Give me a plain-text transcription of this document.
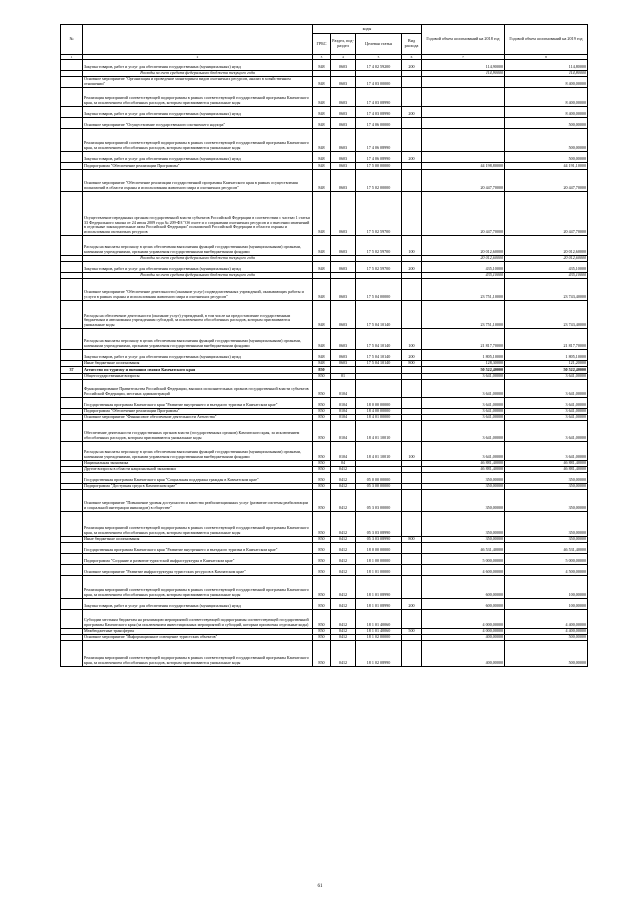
№		коды				Годовой объем ассигнований на 2018 год	Годовой объем ассигнований на 2019 год
		ГРБС	Раздел, под-раздел	Целевая статья	Вид расхода		
1	2	3	4	5	6	7	8
	Закупка товаров, работ и услуг для обеспечения государственных (муниципальных) нужд	848	0603	17 4 02 59200	200	114,90000	114,80000
	Расходы за счет средств федерального бюджета текущего года					114,90000	114,80000
	Основное мероприятие "Организация и проведение мониторинга видов охотничьих ресурсов, анализ в хозяйственном отношении"	848	0603	17 4 03 00000			8 400,00000
	Реализация мероприятий соответствующей подпрограммы в рамках соответствующей государственной программы Камчатского края, за исключением обособленных расходов, которым присваиваются уникальные коды	848	0603	17 4 03 08990			8 400,00000
	Закупка товаров, работ и услуг для обеспечения государственных (муниципальных) нужд	848	0603	17 4 03 08990	200		8 400,00000
	Основное мероприятие "Осуществление государственного охотничьего надзора"	848	0603	17 4 06 00000			500,00000
	Реализация мероприятий соответствующей подпрограммы в рамках соответствующей государственной программы Камчатского края, за исключением обособленных расходов, которым присваиваются уникальные коды	848	0603	17 4 06 08990			500,00000
	Закупка товаров, работ и услуг для обеспечения государственных (муниципальных) нужд	848	0603	17 4 06 08990	200		500,00000
	Подпрограмма "Обеспечение реализации Программы"	848	0603	17 5 00 00000		44 198,80000	44 191,10000
	Основное мероприятие "Обеспечение реализации государственной программы Камчатского края в рамках осуществления полномочий в области охраны и использования животного мира и охотничьих ресурсов"	848	0603	17 5 02 00000		20 447,70000	20 447,70000
	Осуществление переданных органам государственной власти субъектов Российской Федерации в соответствии с частью 1 статьи 33 Федерального закона от 24 июля 2009 года № 209-ФЗ "Об охоте и о сохранении охотничьих ресурсов и о внесении изменений в отдельные законодательные акты Российской Федерации" полномочий Российской Федерации в области охраны и использования охотничьих ресурсов	848	0603	17 5 02 59700		20 447,70000	20 447,70000
	Расходы на выплаты персоналу в целях обеспечения выполнения функций государственными (муниципальными) органами, казенными учреждениями, органами управления государственными внебюджетными фондами	848	0603	17 5 02 59700	100	20 012,60000	20 012,60000
	Расходы за счет средств федерального бюджета текущего года					20 012,60000	20 012,60000
	Закупка товаров, работ и услуг для обеспечения государственных (муниципальных) нужд	848	0603	17 5 02 59700	200	435,10000	435,10000
	Расходы за счет средств федерального бюджета текущего года					435,10000	435,10000
	Основное мероприятие "Обеспечение деятельности (оказание услуг) подведомственных учреждений, оказывающих работы и услуги в рамках охраны и использования животного мира и охотничьих ресурсов"	848	0603	17 5 04 00000		23 751,10000	23 743,40000
	Расходы на обеспечение деятельности (оказание услуг) учреждений, в том числе на предоставление государственным бюджетным и автономным учреждениям субсидий, за исключением обособленных расходов, которым присваиваются уникальные коды	848	0603	17 5 04 10140		23 751,10000	23 743,40000
	Расходы на выплаты персоналу в целях обеспечения выполнения функций государственными (муниципальными) органами, казенными учреждениями, органами управления государственными внебюджетными фондами	848	0603	17 5 04 10140	100	21 817,70000	21 817,70000
	Закупка товаров, работ и услуг для обеспечения государственных (муниципальных) нужд	848	0603	17 5 04 10140	200	1 805,10000	1 805,10000
	Иные бюджетные ассигнования	848	0603	17 5 04 10140	800	128,30000	121,20000
37	Агентство по туризму и внешним связям Камчатского края	850				50 522,40000	50 522,40000
	Общегосударственные вопросы	850	01			3 641,00000	3 641,00000
	Функционирование Правительства Российской Федерации, высших исполнительных органов государственной власти субъектов Российской Федерации, местных администраций	850	0104			3 641,00000	3 641,00000
	Государственная программа Камчатского края "Развитие внутреннего и въездного туризма в Камчатском крае"	850	0104	18 0 00 00000		3 641,00000	3 641,00000
	Подпрограмма "Обеспечение реализации Программы"	850	0104	18 4 00 00000		3 641,00000	3 641,00000
	Основное мероприятие "Финансовое обеспечение деятельности Агентства"	850	0104	18 4 01 00000		3 641,00000	3 641,00000
	Обеспечение деятельности государственных органов власти (государственных органов) Камчатского края, за исключением обособленных расходов, которым присваиваются уникальные коды	850	0104	18 4 01 10010		3 641,00000	3 641,00000
	Расходы на выплаты персоналу в целях обеспечения выполнения функций государственными (муниципальными) органами, казенными учреждениями, органами управления государственными внебюджетными фондами	850	0104	18 4 01 10010	100	3 641,00000	3 641,00000
	Национальная экономика	850	04			46 881,40000	46 881,40000
	Другие вопросы в области национальной экономики	850	0412			46 881,40000	46 881,40000
	Государственная программа Камчатского края "Социальная поддержка граждан в Камчатском крае"	850	0412	05 0 00 00000		350,00000	350,00000
	Подпрограмма "Доступная среда в Камчатском крае"	850	0412	05 3 00 00000		350,00000	350,00000
	Основное мероприятие "Повышение уровня доступности и качества реабилитационных услуг (развитие системы реабилитации и социальной интеграции инвалидов) в обществе"	850	0412	05 3 03 00000		350,00000	350,00000
	Реализация мероприятий соответствующей подпрограммы в рамках соответствующей государственной программы Камчатского края, за исключением обособленных расходов, которым присваиваются уникальные коды	850	0412	05 3 03 08990		350,00000	350,00000
	Иные бюджетные ассигнования	850	0412	05 3 03 08990	800	350,00000	350,00000
	Государственная программа Камчатского края "Развитие внутреннего и въездного туризма в Камчатском крае"	850	0412	18 0 00 00000		46 531,40000	46 531,40000
	Подпрограмма "Создание и развитие туристской инфраструктуры в Камчатском крае"	850	0412	18 1 00 00000		5 000,00000	5 000,00000
	Основное мероприятие "Развитие инфраструктуры туристских ресурсов в Камчатском крае"	850	0412	18 1 01 00000		4 600,00000	4 500,00000
	Реализация мероприятий соответствующей подпрограммы в рамках соответствующей государственной программы Камчатского края, за исключением обособленных расходов, которым присваиваются уникальные коды	850	0412	18 1 01 08990		600,00000	100,00000
	Закупка товаров, работ и услуг для обеспечения государственных (муниципальных) нужд	850	0412	18 1 01 08990	200	600,00000	100,00000
	Субсидии местным бюджетам на реализацию мероприятий соответствующей подпрограммы соответствующей государственной программы Камчатского края (за исключением инвестиционных мероприятий и субсидий, которым присвоены отдельные коды)	850	0412	18 1 01 40060		4 000,00000	4 400,00000
	Межбюджетные трансферты	850	0412	18 1 01 40060	500	4 000,00000	4 400,00000
	Основное мероприятие "Информационное освещение туристских объектов"	850	0412	18 1 02 00000		400,00000	500,00000
	Реализация мероприятий соответствующей подпрограммы в рамках соответствующей государственной программы Камчатского края, за исключением обособленных расходов, которым присваиваются уникальные коды	850	0412	18 1 02 08990		400,00000	500,00000
61
